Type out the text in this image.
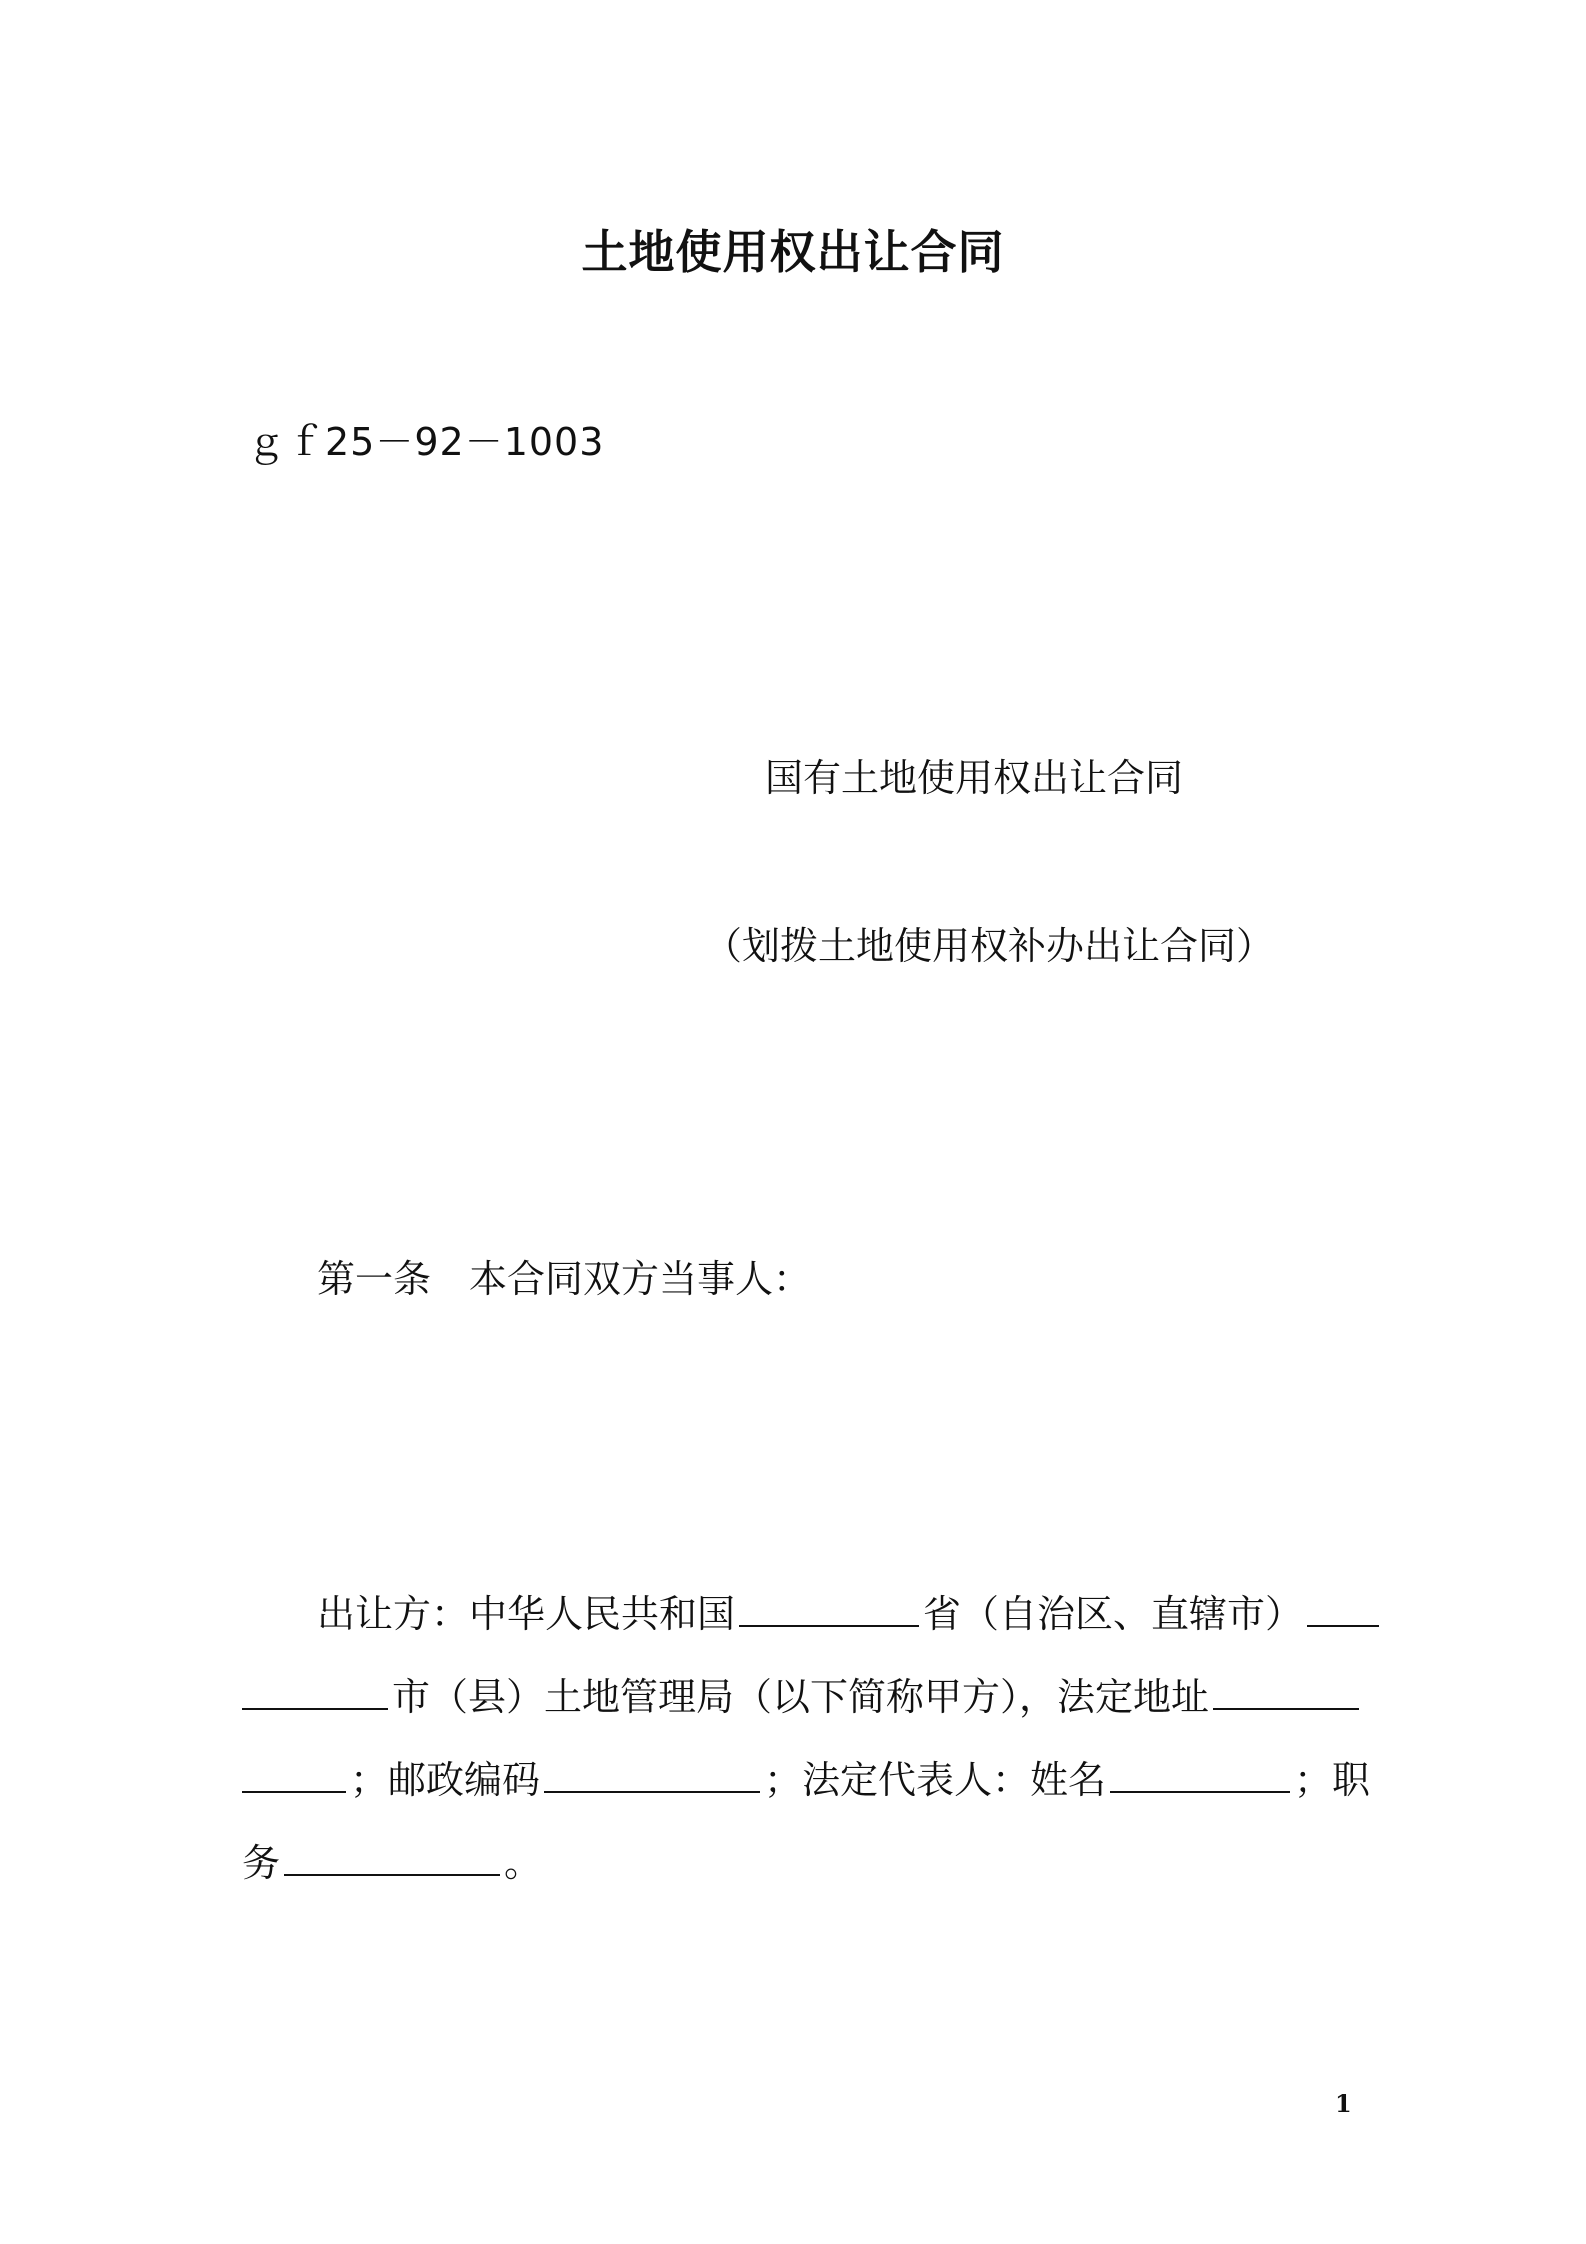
土地使用权出让合同
ｇｆ25－92－1003
国有土地使用权出让合同
（划拨土地使用权补办出让合同）
第一条 本合同双方当事人：
出让方：中华人民共和国	省（自治区、直辖市）
市（县）土地管理局（以下简称甲方），法定地址
；邮政编码	；法定代表人：姓名	；职
务	。
1
